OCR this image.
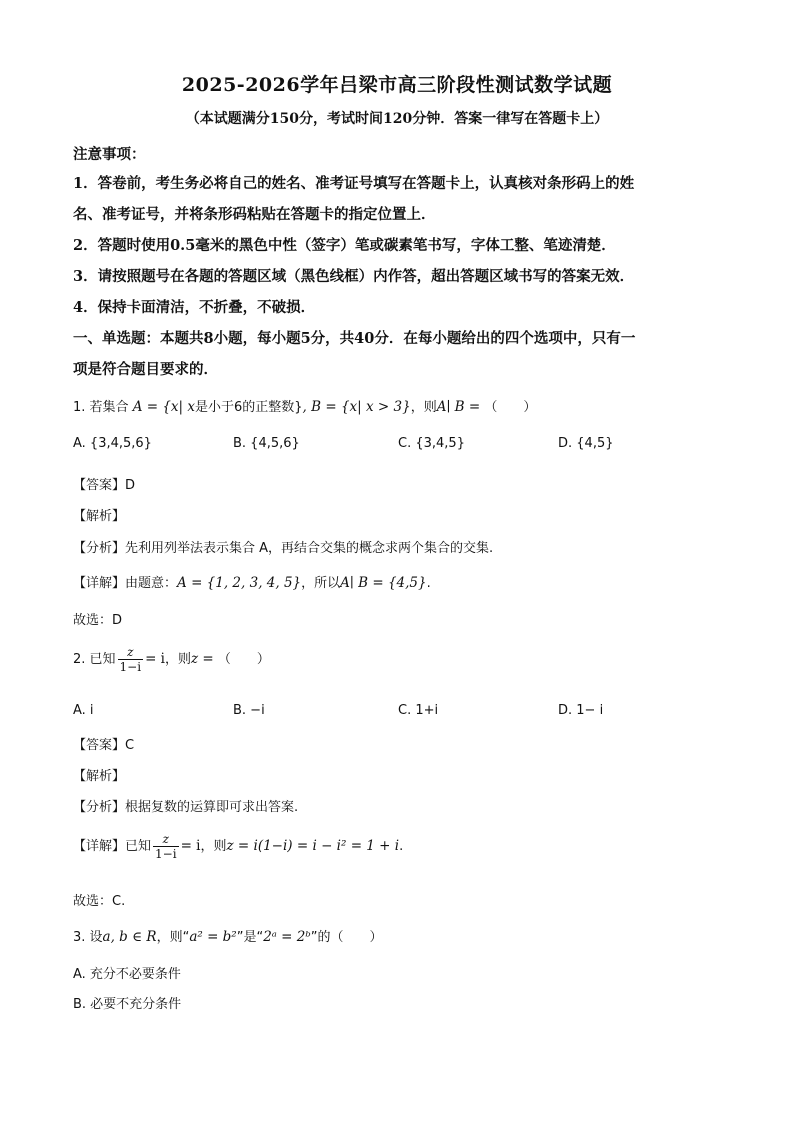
2025-2026学年吕梁市高三阶段性测试数学试题
（本试题满分150分，考试时间120分钟．答案一律写在答题卡上）
注意事项：
1．答卷前，考生务必将自己的姓名、准考证号填写在答题卡上，认真核对条形码上的姓
名、准考证号，并将条形码粘贴在答题卡的指定位置上．
2．答题时使用0.5毫米的黑色中性（签字）笔或碳素笔书写，字体工整、笔迹清楚．
3．请按照题号在各题的答题区域（黑色线框）内作答，超出答题区域书写的答案无效．
4．保持卡面清洁，不折叠，不破损．
一、单选题：本题共8小题，每小题5分，共40分．在每小题给出的四个选项中，只有一
项是符合题目要求的．
1. 若集合 A = {x| x是小于6的正整数}, B = {x| x > 3}，则A∣ B = （　　）
A. {3,4,5,6}	B. {4,5,6}	C. {3,4,5}	D. {4,5}
【答案】D
【解析】
【分析】先利用列举法表示集合 A，再结合交集的概念求两个集合的交集.
【详解】由题意：A = {1, 2, 3, 4, 5}，所以A∣ B = {4,5}.
故选：D
2. 已知 $\frac{z}{1-i} = i$，则z = （　　）
A. i	B. −i	C. 1+i	D. 1− i
【答案】C
【解析】
【分析】根据复数的运算即可求出答案.
【详解】已知 $\frac{z}{1-i} = i$，则z = i(1−i) = i − i² = 1 + i.
故选：C.
3. 设a, b ∈ R，则“a² = b²”是“2ᵃ = 2ᵇ”的（　　）
A. 充分不必要条件
B. 必要不充分条件
